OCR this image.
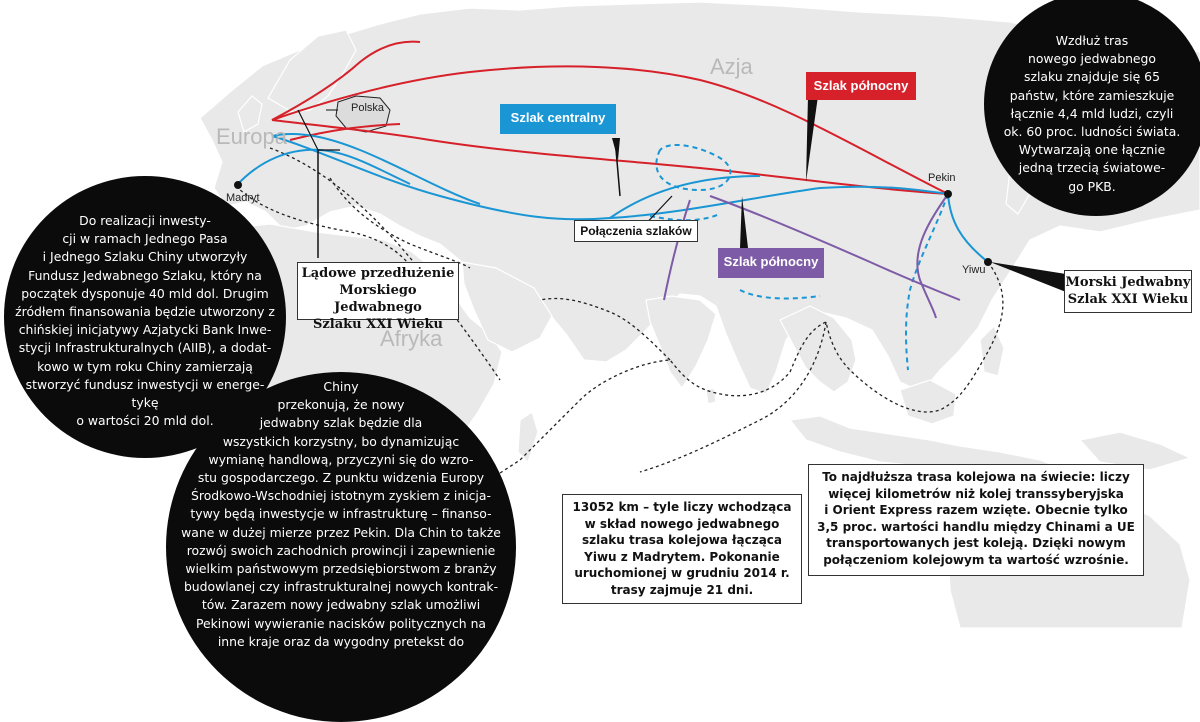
Europa
Azja
Afryka
Polska
Madryt
Pekin
Yiwu
Szlak centralny
Szlak północny
Szlak północny
Połączenia szlaków
Lądowe przedłużenie
Morskiego Jedwabnego
Szlaku XXI Wieku
Morski Jedwabny
Szlak XXI Wieku
Wzdłuż tras
nowego jedwabnego
szlaku znajduje się 65
państw, które zamieszkuje
łącznie 4,4 mld ludzi, czyli
ok. 60 proc. ludności świata.
Wytwarzają one łącznie
jedną trzecią światowe-
go PKB.
Do realizacji inwesty-
cji w ramach Jednego Pasa
i Jednego Szlaku Chiny utworzyły
Fundusz Jedwabnego Szlaku, który na
początek dysponuje 40 mld dol. Drugim
źródłem finansowania będzie utworzony z
chińskiej inicjatywy Azjatycki Bank Inwe-
stycji Infrastrukturalnych (AIIB), a dodat-
kowo w tym roku Chiny zamierzają
stworzyć fundusz inwestycji w energe-
tykę
o wartości 20 mld dol.
Chiny
przekonują, że nowy
jedwabny szlak będzie dla
wszystkich korzystny, bo dynamizując
wymianę handlową, przyczyni się do wzro-
stu gospodarczego. Z punktu widzenia Europy
Środkowo-Wschodniej istotnym zyskiem z inicja-
tywy będą inwestycje w infrastrukturę – finanso-
wane w dużej mierze przez Pekin. Dla Chin to także
rozwój swoich zachodnich prowincji i zapewnienie
wielkim państwowym przedsiębiorstwom z branży
budowlanej czy infrastrukturalnej nowych kontrak-
tów. Zarazem nowy jedwabny szlak umożliwi
Pekinowi wywieranie nacisków politycznych na
inne kraje oraz da wygodny pretekst do
13052 km – tyle liczy wchodząca
w skład nowego jedwabnego
szlaku trasa kolejowa łącząca
Yiwu z Madrytem. Pokonanie
uruchomionej w grudniu 2014 r.
trasy zajmuje 21 dni.
To najdłuższa trasa kolejowa na świecie: liczy
więcej kilometrów niż kolej transsyberyjska
i Orient Express razem wzięte. Obecnie tylko
3,5 proc. wartości handlu między Chinami a UE
transportowanych jest koleją. Dzięki nowym
połączeniom kolejowym ta wartość wzrośnie.
